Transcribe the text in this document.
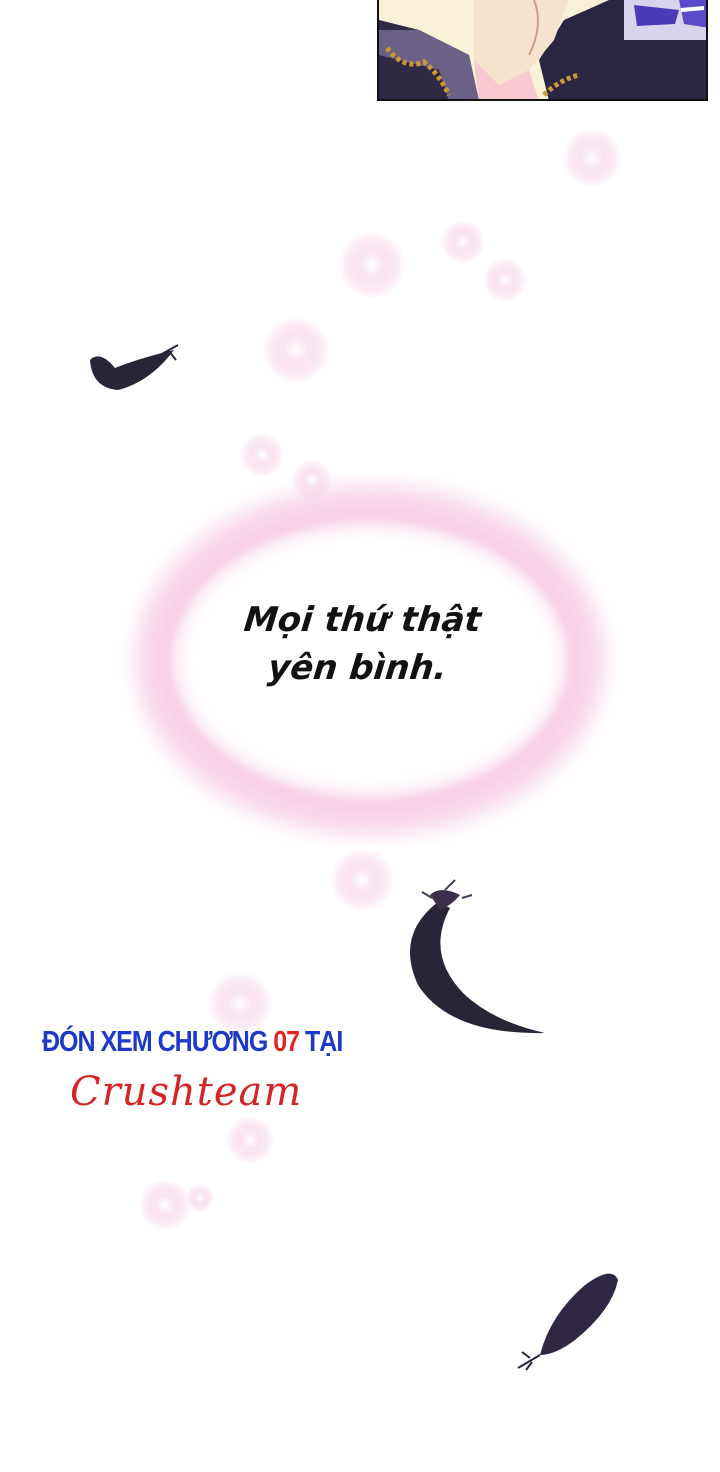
Mọi thứ thật
yên bình.
ĐÓN XEM CHƯƠNG 07 TẠI
Crushteam
